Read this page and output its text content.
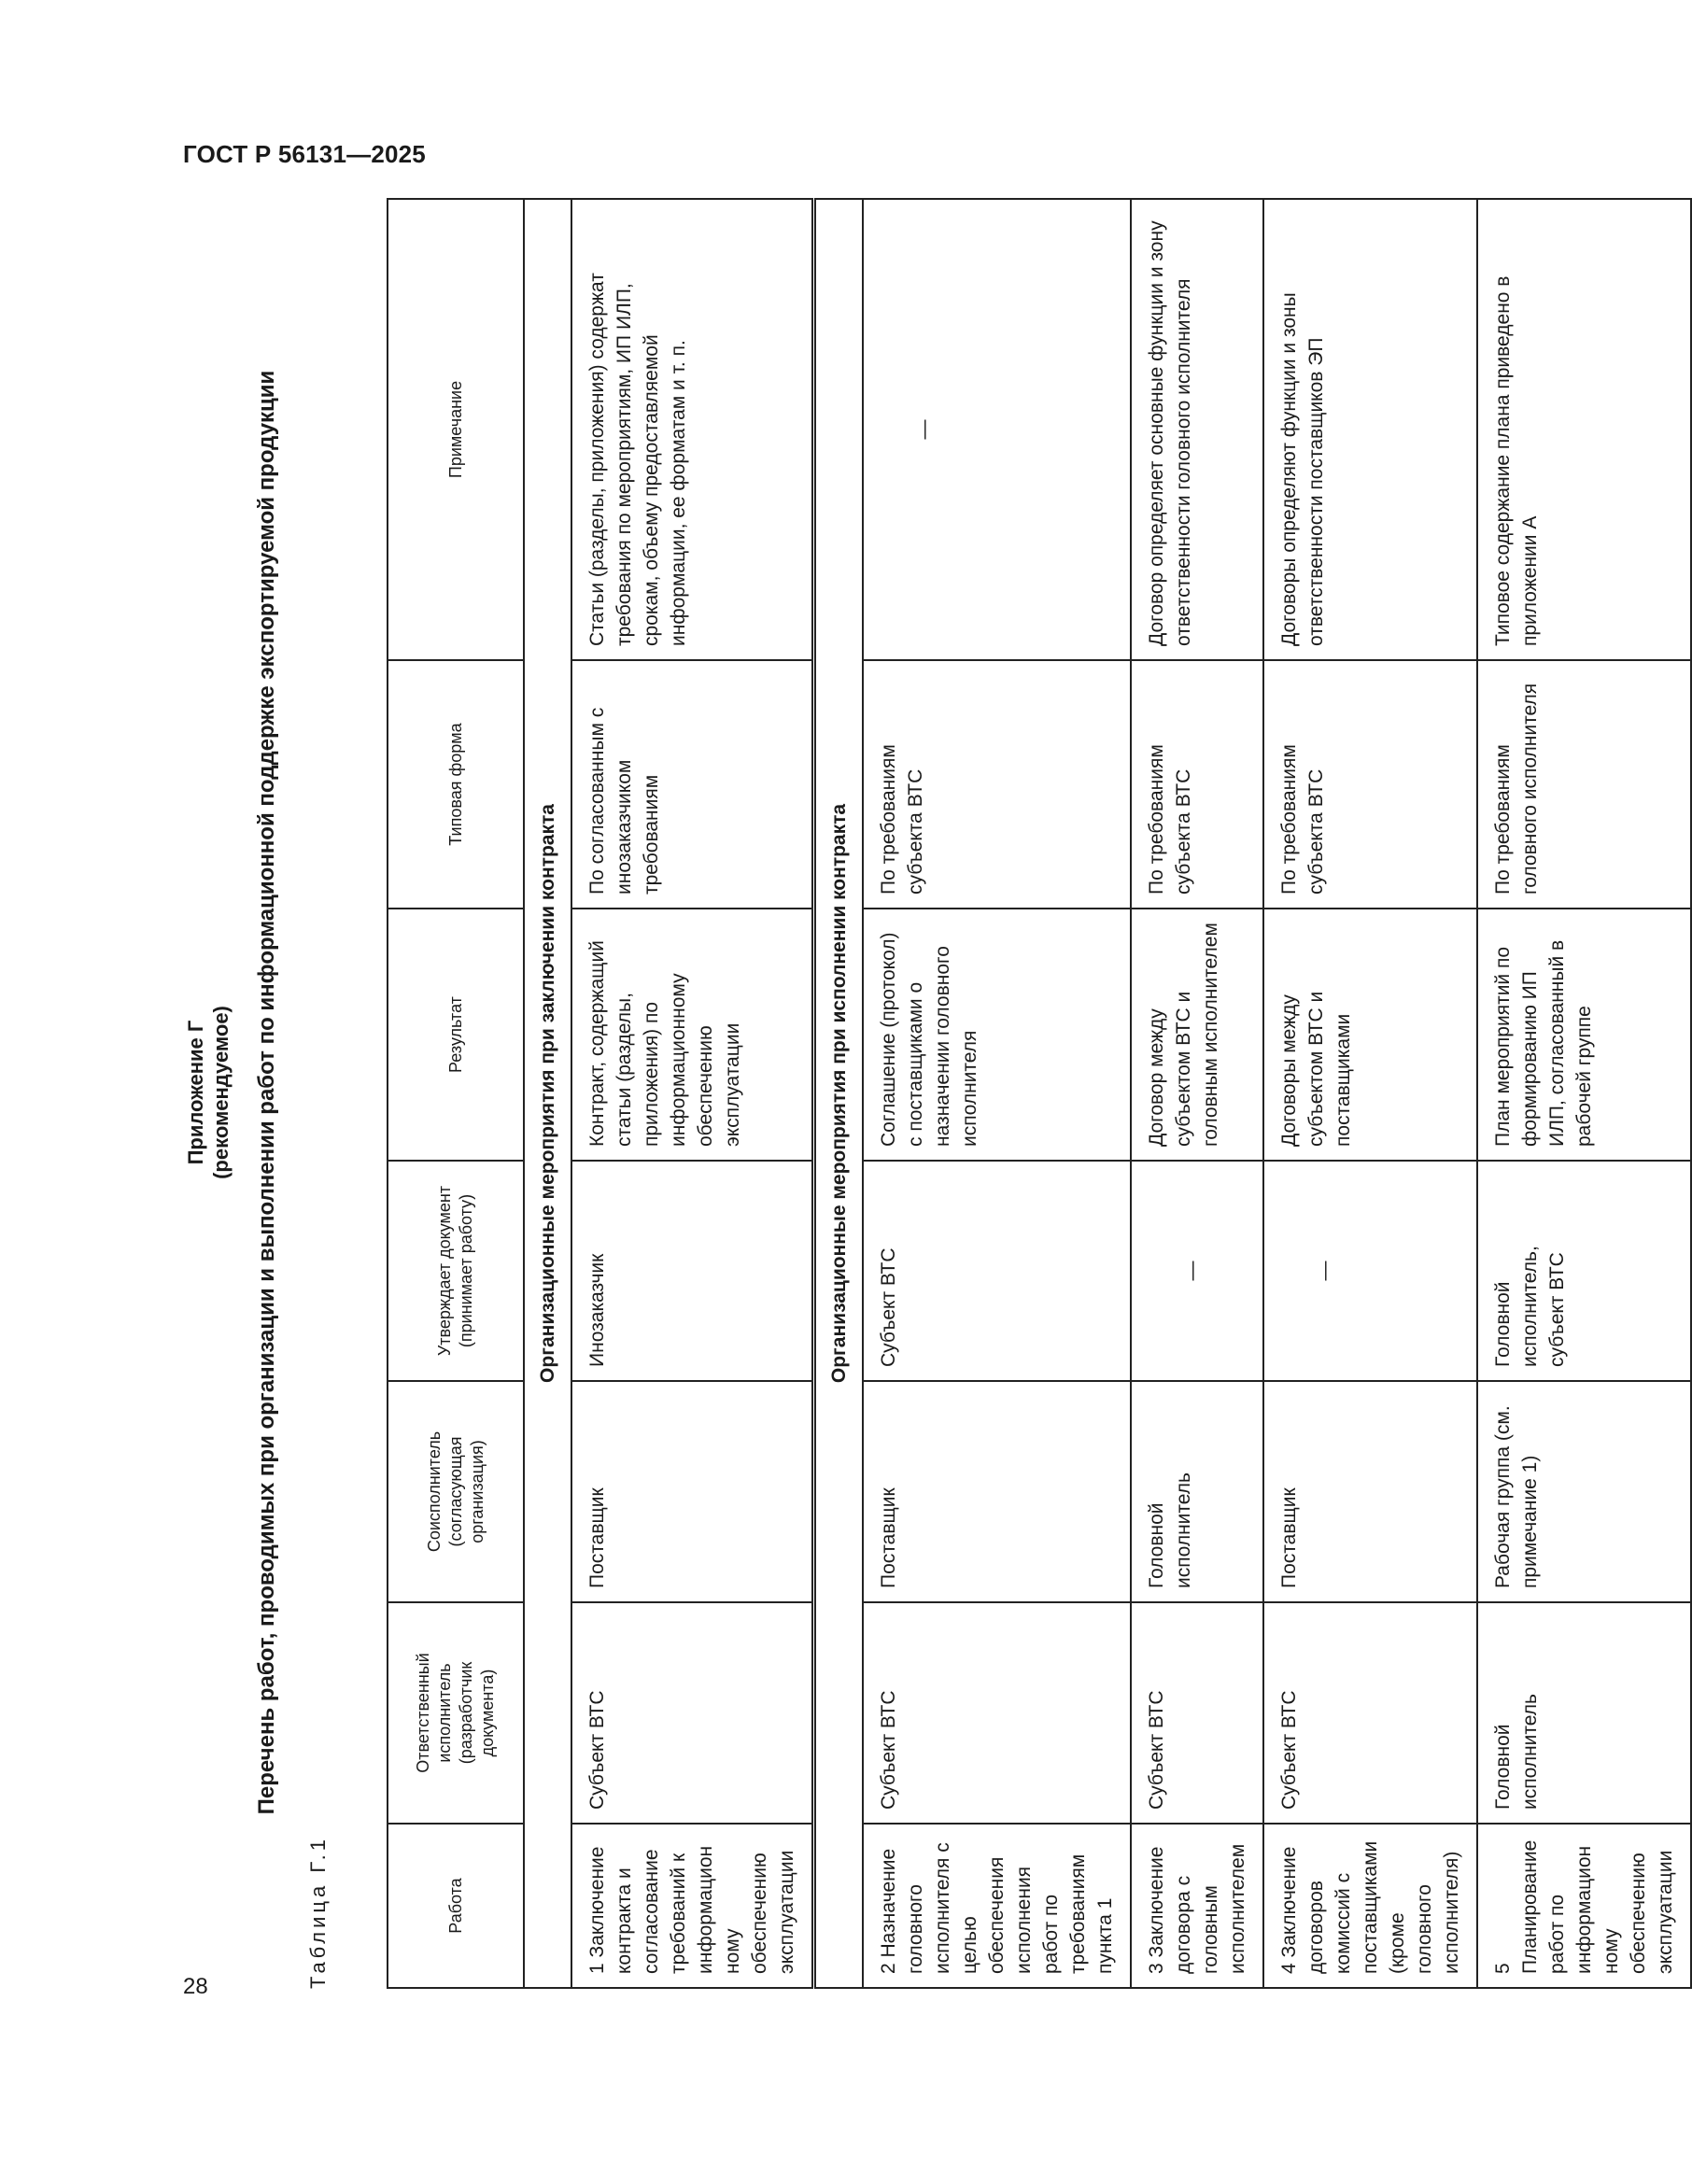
ГОСТ Р 56131—2025
Приложение Г (рекомендуемое) Перечень работ, проводимых при организации и выполнении работ по информационной поддержке экспортируемой продукции
Таблица Г.1	Работа	Ответственный исполнитель (разработчик документа)	Соисполнитель (согласующая организация)	Утверждает документ (принимает работу)	Результат	Типовая форма	Примечание
Организационные мероприятия при заключении контракта						
1 Заключение контракта и согласование требований к информационному обеспечению эксплуатации	Субъект ВТС	Поставщик	Инозаказчик	Контракт, содержащий статьи (разделы, приложения) по информационному обеспечению эксплуатации	По согласованным с инозаказчиком требованиям	Статьи (разделы, приложения) содержат требования по мероприятиям, ИП ИЛП, срокам, объему предоставляемой информации, ее форматам и т. п.
Организационные мероприятия при исполнении контракта						
2 Назначение головного исполнителя с целью обеспечения исполнения работ по требованиям пункта 1	Субъект ВТС	Поставщик	Субъект ВТС	Соглашение (протокол) с поставщиками о назначении головного исполнителя	По требованиям субъекта ВТС	—

3 Заключение договора с головным исполнителем	Субъект ВТС	Головной исполнитель	—	Договор между субъектом ВТС и головным исполнителем	По требованиям субъекта ВТС	Договор определяет основные функции и зону ответственности головного исполнителя
4 Заключение договоров комиссий с поставщиками (кроме головного исполнителя)	Субъект ВТС	Поставщик	—	Договоры между субъектом ВТС и поставщиками	По требованиям субъекта ВТС	Договоры определяют функции и зоны ответственности поставщиков ЭП
5 Планирование работ по информационному обеспечению эксплуатации	Головной исполнитель	Рабочая группа (см. примечание 1)	Головной исполнитель, субъект ВТС	План мероприятий по формированию ИП ИЛП, согласованный в рабочей группе	По требованиям головного исполнителя	Типовое содержание плана приведено в приложении А
28
